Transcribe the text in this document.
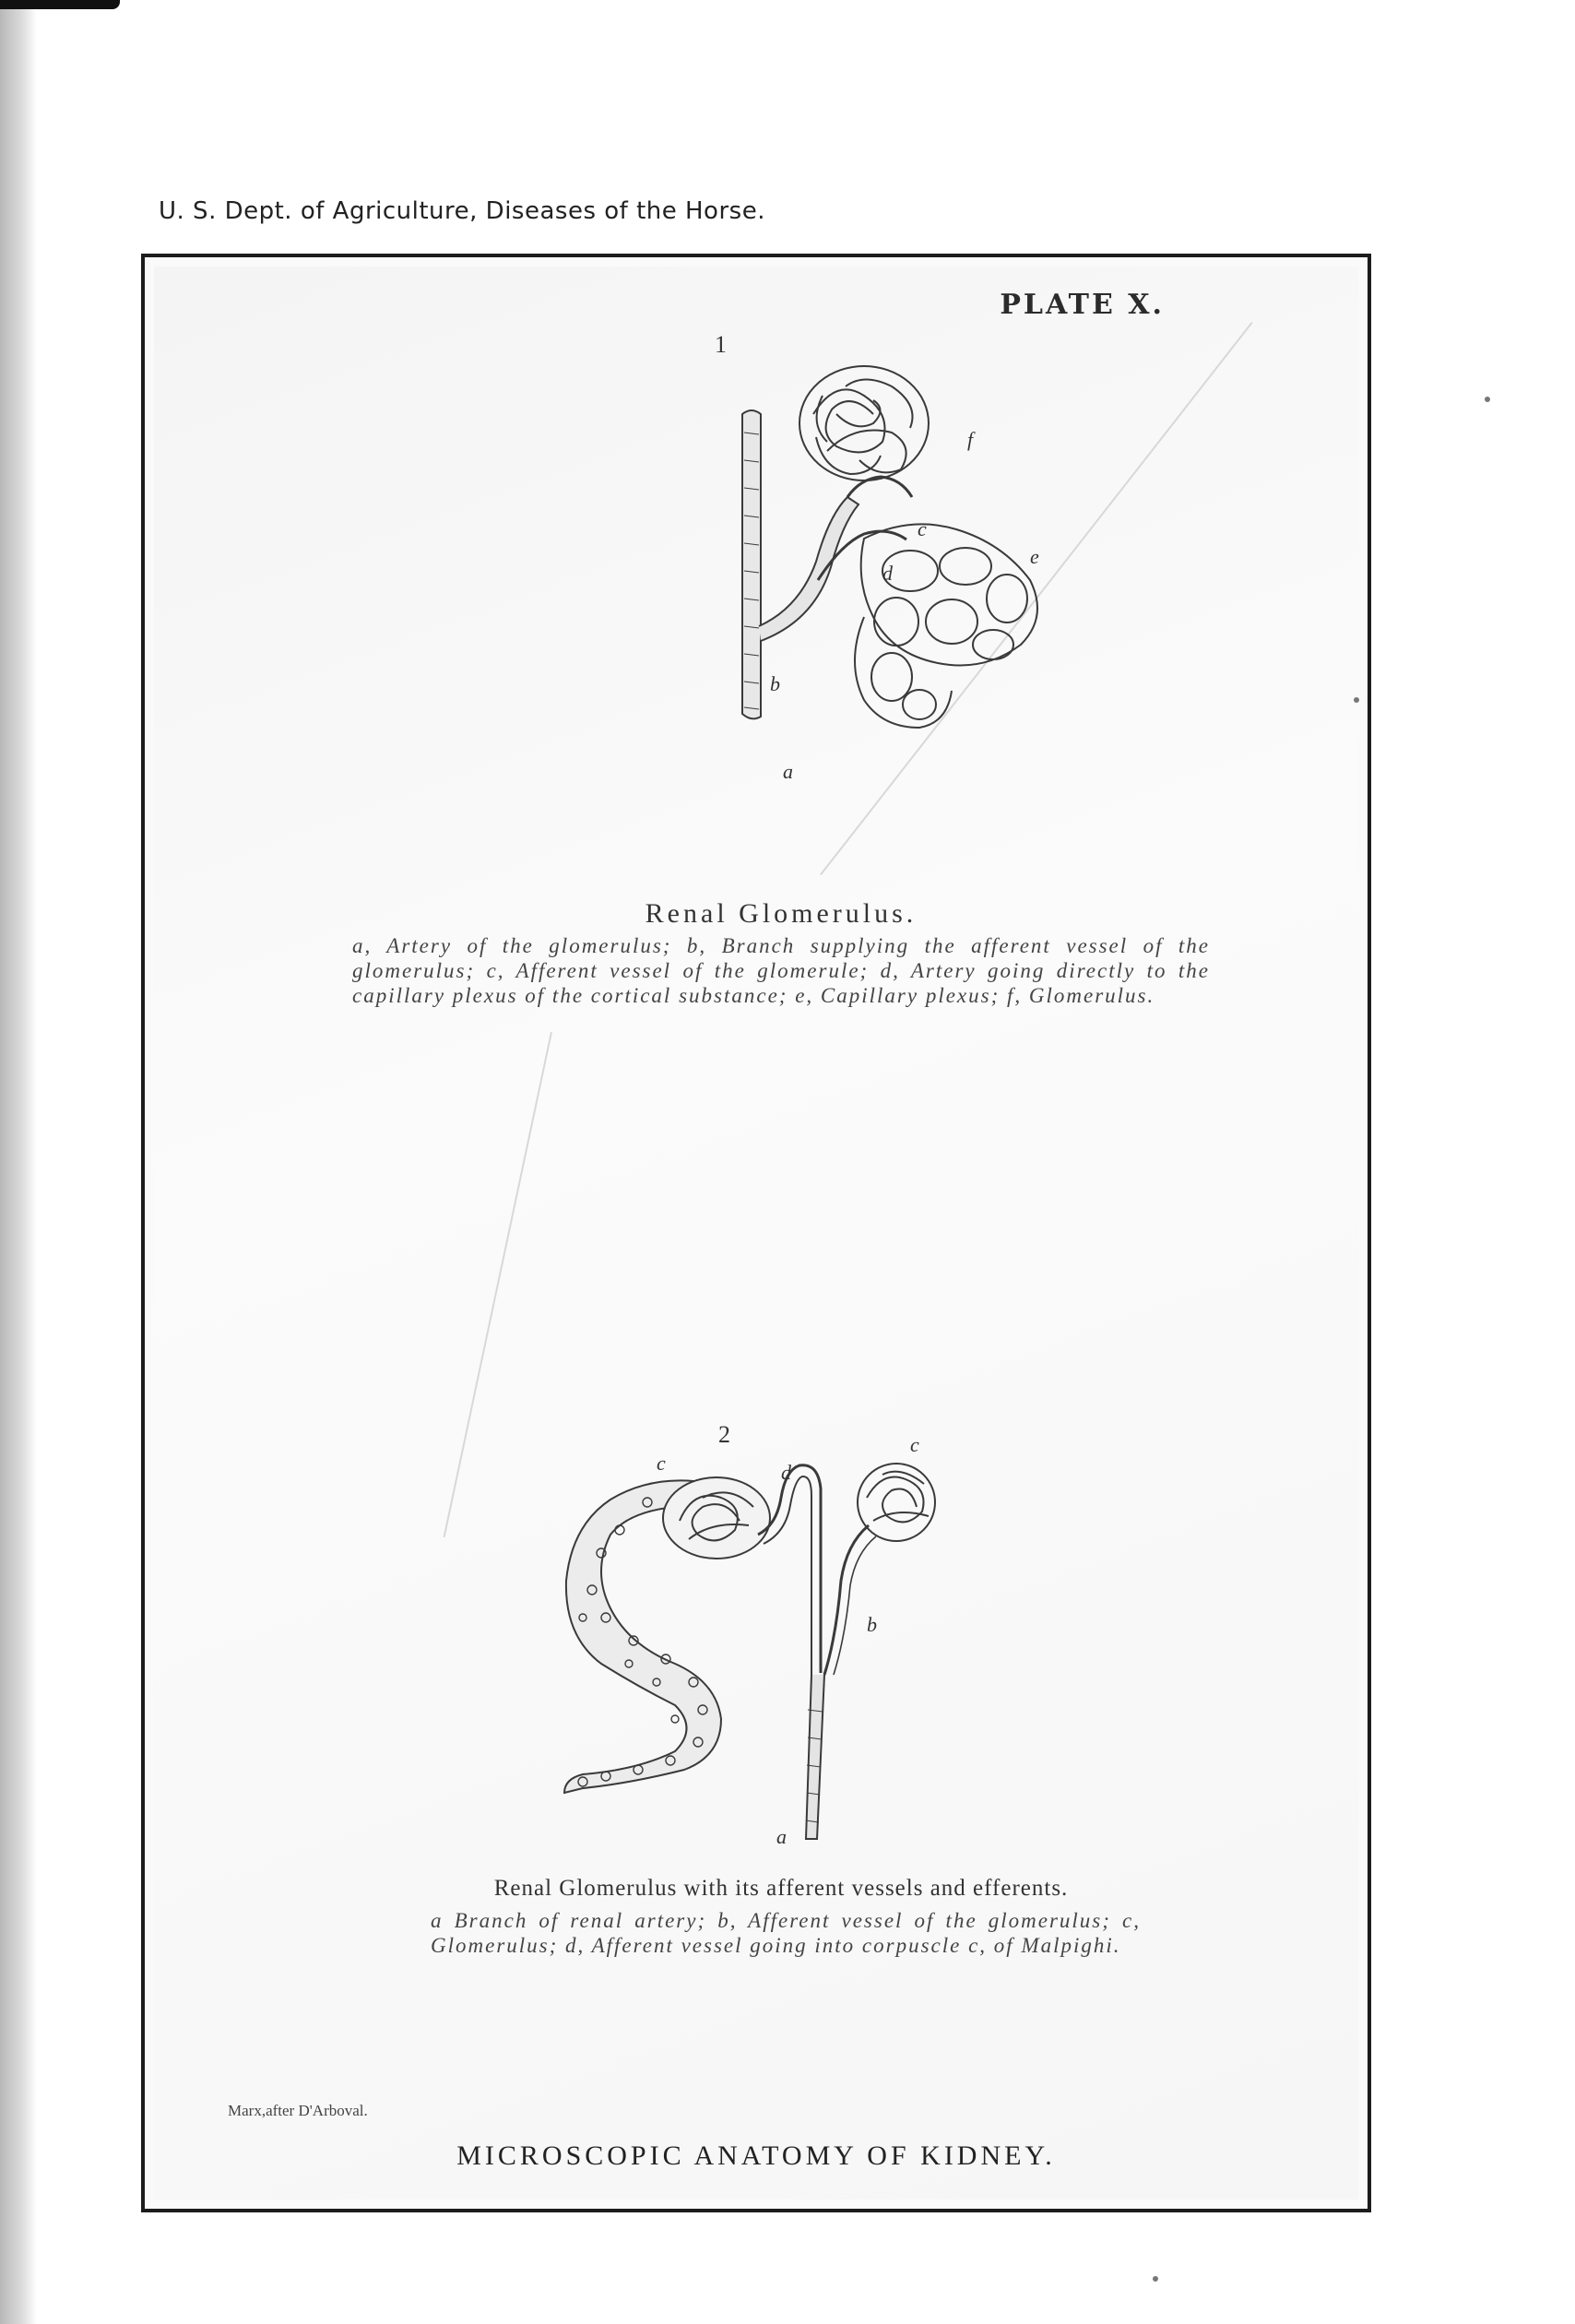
U. S. Dept. of Agriculture, Diseases of the Horse.
PLATE X.
1
a
b
c
d
e
f
Renal Glomerulus.
a, Artery of the glomerulus; b, Branch supplying the afferent vessel of the glomerulus; c, Afferent vessel of the glomerule; d, Artery going directly to the capillary plexus of the cortical substance; e, Capillary plexus; f, Glomerulus.
2
a
b
c
c
d
Renal Glomerulus with its afferent vessels and efferents.
a Branch of renal artery; b, Afferent vessel of the glomerulus; c, Glomerulus; d, Afferent vessel going into corpuscle c, of Malpighi.
Marx,after D'Arboval.
MICROSCOPIC ANATOMY OF KIDNEY.
